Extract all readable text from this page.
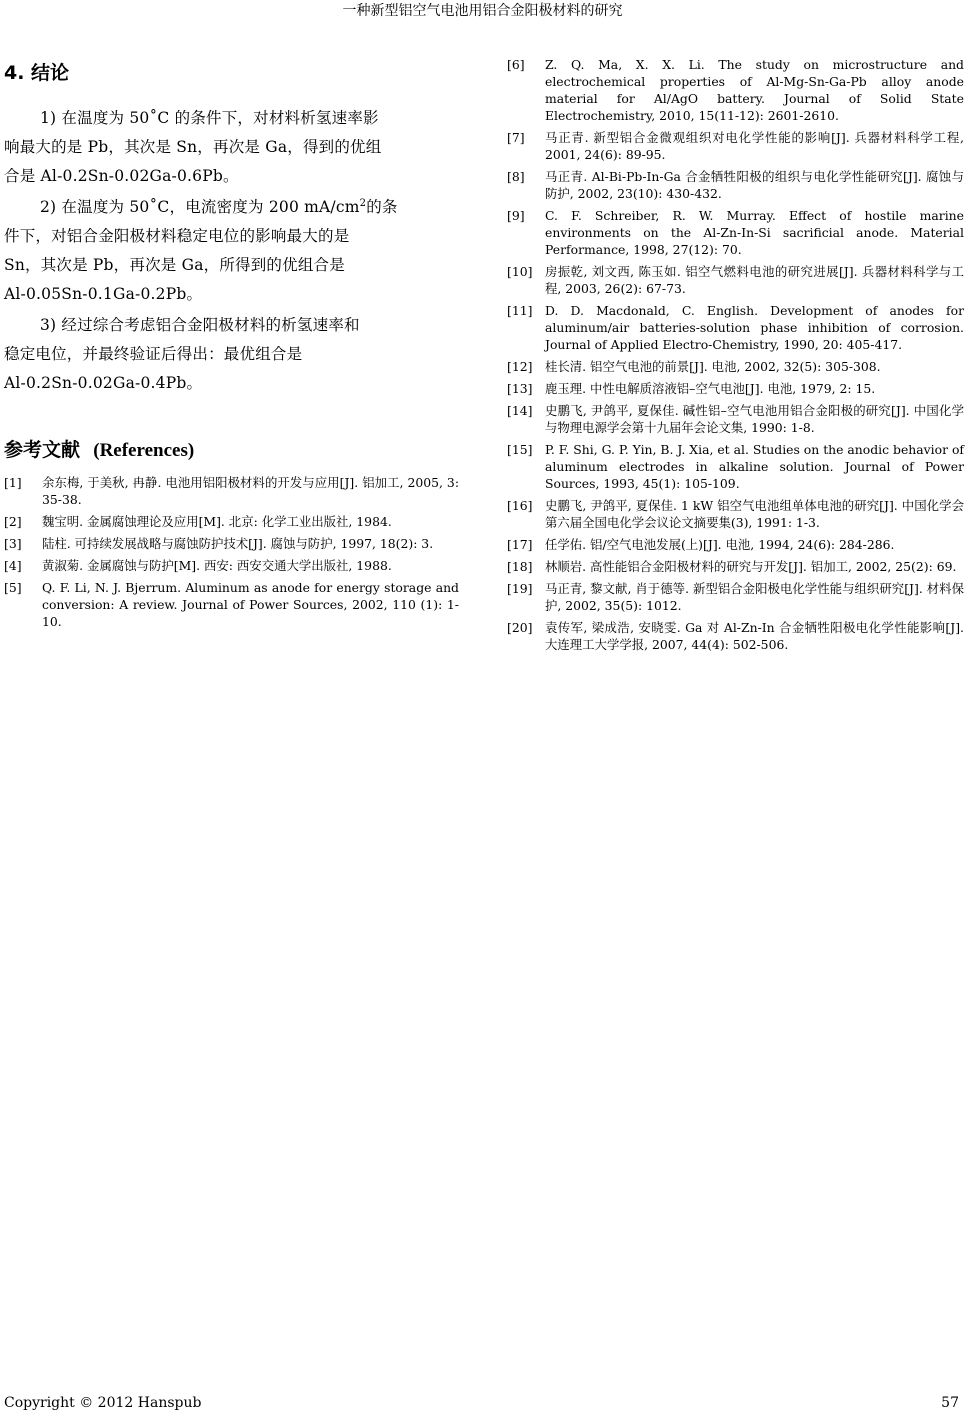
一种新型铝空气电池用铝合金阳极材料的研究
4. 结论

1) 在温度为 50˚C 的条件下，对材料析氢速率影
响最大的是 Pb，其次是 Sn，再次是 Ga，得到的优组
合是 Al-0.2Sn-0.02Ga-0.6Pb。

2) 在温度为 50˚C，电流密度为 200 $mA/cm^2$的条
件下，对铝合金阳极材料稳定电位的影响最大的是
Sn，其次是 Pb，再次是 Ga，所得到的优组合是
Al-0.05Sn-0.1Ga-0.2Pb。

3) 经过综合考虑铝合金阳极材料的析氢速率和
稳定电位，并最终验证后得出：最优组合是
Al-0.2Sn-0.02Ga-0.4Pb。

参考文献 (References)
[1] 余东梅, 于美秋, 冉静. 电池用铝阳极材料的开发与应用[J]. 铝加工, 2005, 3: 35-38.
[2] 魏宝明. 金属腐蚀理论及应用[M]. 北京: 化学工业出版社, 1984.
[3] 陆柱. 可持续发展战略与腐蚀防护技术[J]. 腐蚀与防护, 1997, 18(2): 3.
[4] 黄淑菊. 金属腐蚀与防护[M]. 西安: 西安交通大学出版社, 1988.
[5] Q. F. Li, N. J. Bjerrum. Aluminum as anode for energy storage and conversion: A review. Journal of Power Sources, 2002, 110 (1): 1-10.
[6] Z. Q. Ma, X. X. Li. The study on microstructure and electrochemical properties of Al-Mg-Sn-Ga-Pb alloy anode material for Al/AgO battery. Journal of Solid State Electrochemistry, 2010, 15(11-12): 2601-2610.
[7] 马正青. 新型铝合金微观组织对电化学性能的影响[J]. 兵器材料科学工程, 2001, 24(6): 89-95.
[8] 马正青. Al-Bi-Pb-In-Ga 合金牺牲阳极的组织与电化学性能研究[J]. 腐蚀与防护, 2002, 23(10): 430-432.
[9] C. F. Schreiber, R. W. Murray. Effect of hostile marine environments on the Al-Zn-In-Si sacrificial anode. Material Performance, 1998, 27(12): 70.
[10] 房振乾, 刘文西, 陈玉如. 铝空气燃料电池的研究进展[J]. 兵器材料科学与工程, 2003, 26(2): 67-73.
[11] D. D. Macdonald, C. English. Development of anodes for aluminum/air batteries-solution phase inhibition of corrosion. Journal of Applied Electro-Chemistry, 1990, 20: 405-417.
[12] 桂长清. 铝空气电池的前景[J]. 电池, 2002, 32(5): 305-308.
[13] 鹿玉理. 中性电解质溶液铝–空气电池[J]. 电池, 1979, 2: 15.
[14] 史鹏飞, 尹鸽平, 夏保佳. 碱性铝–空气电池用铝合金阳极的研究[J]. 中国化学与物理电源学会第十九届年会论文集, 1990: 1-8.
[15] P. F. Shi, G. P. Yin, B. J. Xia, et al. Studies on the anodic behavior of aluminum electrodes in alkaline solution. Journal of Power Sources, 1993, 45(1): 105-109.
[16] 史鹏飞, 尹鸽平, 夏保佳. 1 kW 铝空气电池组单体电池的研究[J]. 中国化学会第六届全国电化学会议论文摘要集(3), 1991: 1-3.
[17] 任学佑. 铝/空气电池发展(上)[J]. 电池, 1994, 24(6): 284-286.
[18] 林顺岩. 高性能铝合金阳极材料的研究与开发[J]. 铝加工, 2002, 25(2): 69.
[19] 马正青, 黎文献, 肖于德等. 新型铝合金阳极电化学性能与组织研究[J]. 材料保护, 2002, 35(5): 1012.
[20] 袁传军, 梁成浩, 安晓雯. Ga 对 Al-Zn-In 合金牺牲阳极电化学性能影响[J]. 大连理工大学学报, 2007, 44(4): 502-506.
Copyright © 2012 Hanspub	57
